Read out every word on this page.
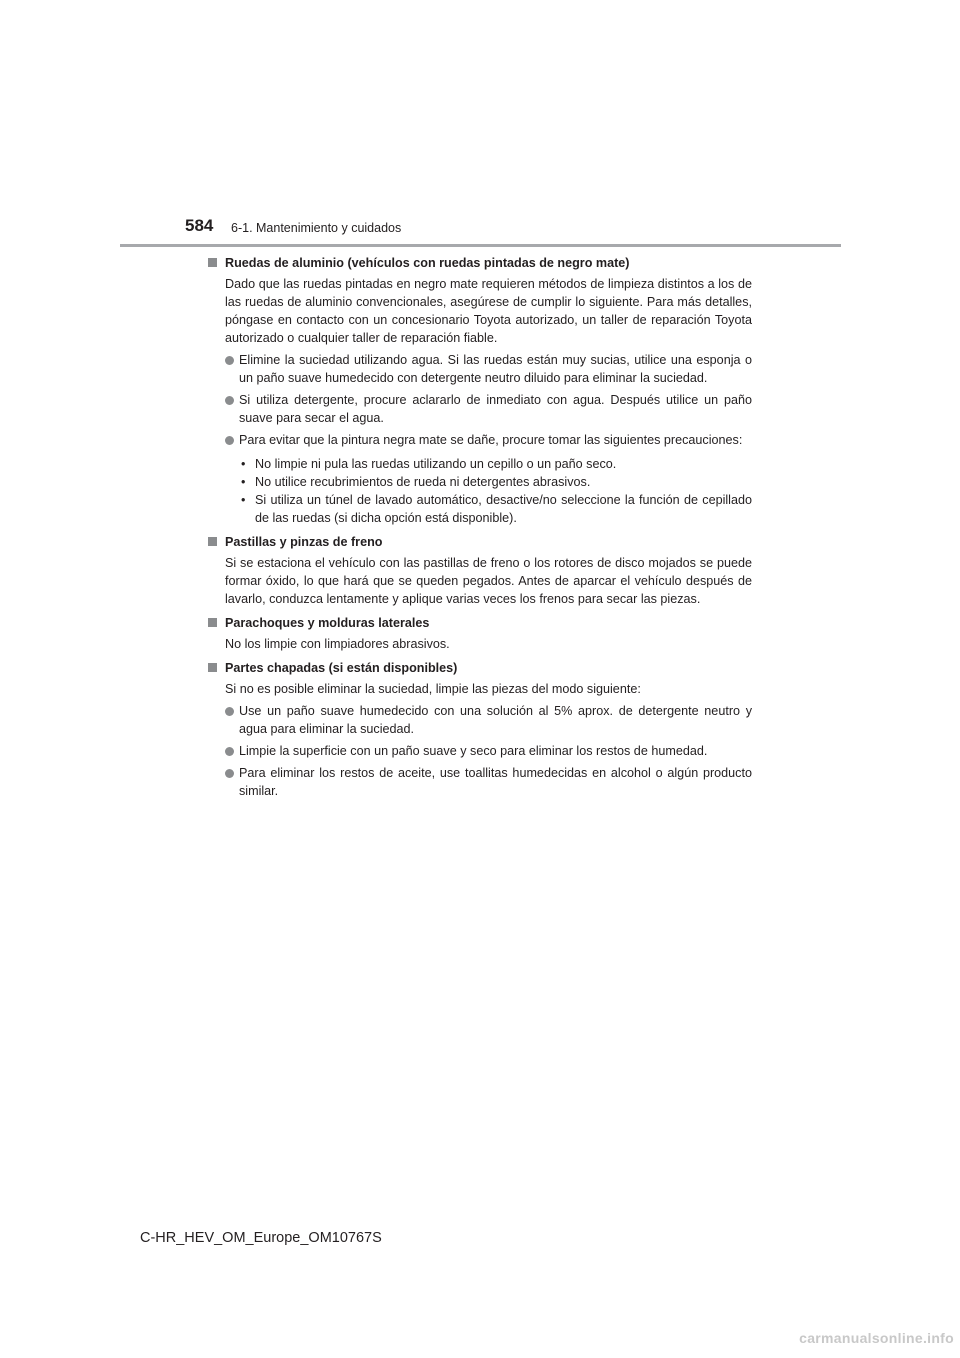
584 6-1. Mantenimiento y cuidados
Ruedas de aluminio (vehículos con ruedas pintadas de negro mate)

Dado que las ruedas pintadas en negro mate requieren métodos de limpieza distintos a los de las ruedas de aluminio convencionales, asegúrese de cumplir lo siguiente. Para más detalles, póngase en contacto con un concesionario Toyota autorizado, un taller de reparación Toyota autorizado o cualquier taller de reparación fiable.

Elimine la suciedad utilizando agua. Si las ruedas están muy sucias, utilice una esponja o un paño suave humedecido con detergente neutro diluido para eliminar la suciedad.
Si utiliza detergente, procure aclararlo de inmediato con agua. Después utilice un paño suave para secar el agua.
Para evitar que la pintura negra mate se dañe, procure tomar las siguientes precauciones:
• No limpie ni pula las ruedas utilizando un cepillo o un paño seco.
• No utilice recubrimientos de rueda ni detergentes abrasivos.
• Si utiliza un túnel de lavado automático, desactive/no seleccione la función de cepillado de las ruedas (si dicha opción está disponible).
Pastillas y pinzas de freno

Si se estaciona el vehículo con las pastillas de freno o los rotores de disco mojados se puede formar óxido, lo que hará que se queden pegados. Antes de aparcar el vehículo después de lavarlo, conduzca lentamente y aplique varias veces los frenos para secar las piezas.

Parachoques y molduras laterales

No los limpie con limpiadores abrasivos.

Partes chapadas (si están disponibles)

Si no es posible eliminar la suciedad, limpie las piezas del modo siguiente:

Use un paño suave humedecido con una solución al 5% aprox. de detergente neutro y agua para eliminar la suciedad.
Limpie la superficie con un paño suave y seco para eliminar los restos de humedad.
Para eliminar los restos de aceite, use toallitas humedecidas en alcohol o algún producto similar.
C-HR_HEV_OM_Europe_OM10767S
carmanualsonline.info
